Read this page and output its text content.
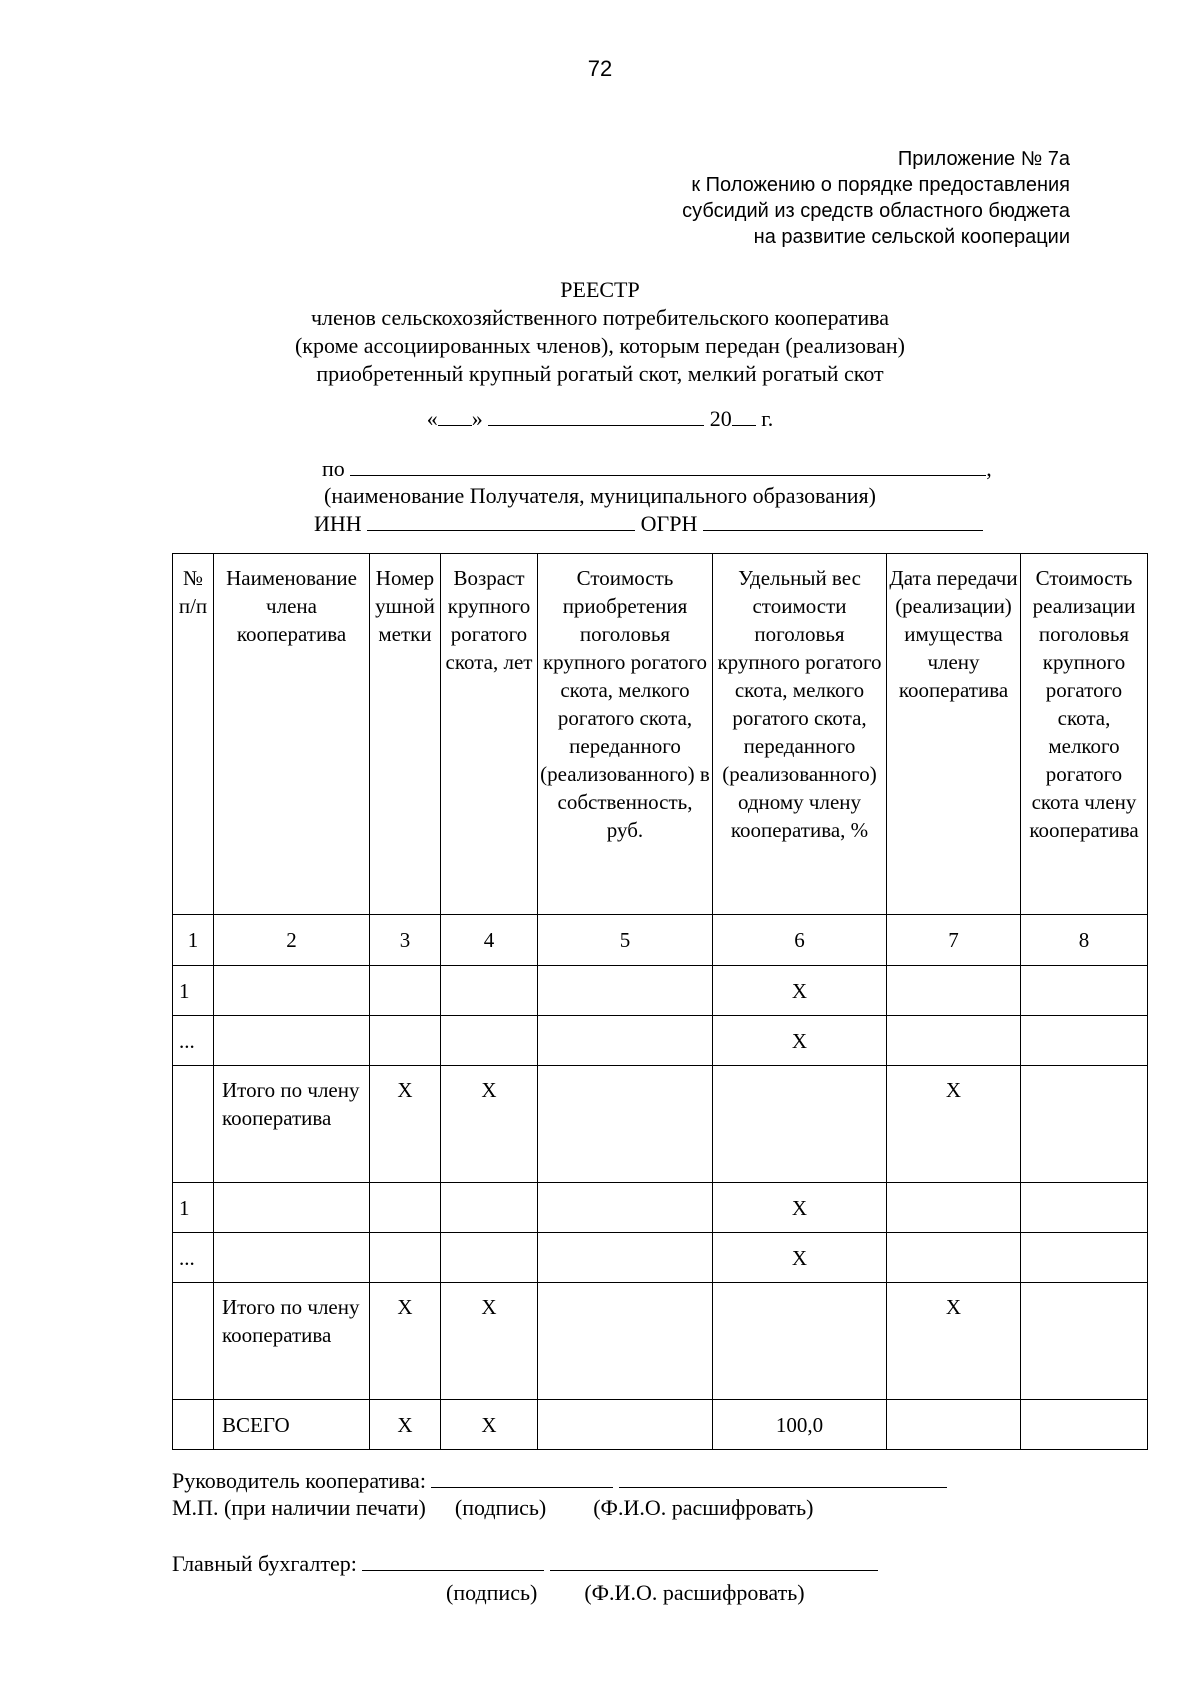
72
Приложение № 7а
к Положению о порядке предоставления
субсидий из средств областного бюджета
на развитие сельской кооперации
РЕЕСТР
членов сельскохозяйственного потребительского кооператива
(кроме ассоциированных членов), которым передан (реализован)
приобретенный крупный рогатый скот, мелкий рогатый скот
« »	20 г.
по	,
(наименование Получателя, муниципального образования)
ИНН	ОГРН
№ п/п	Наименование члена кооператива	Номер ушной метки	Возраст крупного рогатого скота, лет	Стоимость приобретения поголовья крупного рогатого скота, мелкого рогатого скота, переданного (реализованного) в собственность, руб.	Удельный вес стоимости поголовья крупного рогатого скота, мелкого рогатого скота, переданного (реализованного) одному члену кооператива, %	Дата передачи (реализации) имущества члену кооператива	Стоимость реализации поголовья крупного рогатого скота, мелкого рогатого скота члену кооператива
1	2	3	4	5	6	7	8
1					Х		
...					Х		
	Итого по члену кооператива	Х	Х			Х	
1					Х		
...					Х		
	Итого по члену кооператива	Х	Х			Х	
	ВСЕГО	Х	Х		100,0		
Руководитель кооператива:
М.П. (при наличии печати) (подпись) (Ф.И.О. расшифровать)
Главный бухгалтер:
(подпись) (Ф.И.О. расшифровать)
